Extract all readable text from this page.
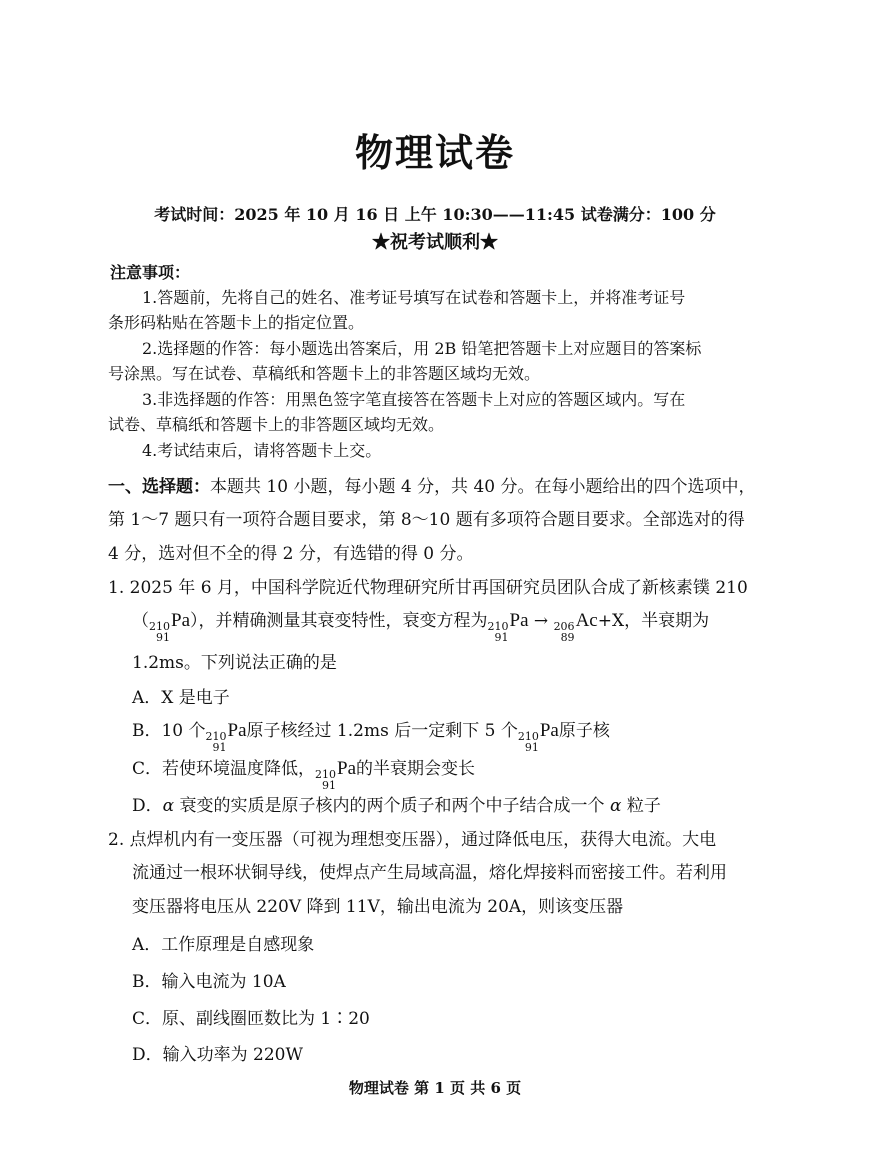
物理试卷
考试时间：2025 年 10 月 16 日 上午 10:30——11:45 试卷满分：100 分
★祝考试顺利★
注意事项：
1.答题前，先将自己的姓名、准考证号填写在试卷和答题卡上，并将准考证号
条形码粘贴在答题卡上的指定位置。
2.选择题的作答：每小题选出答案后，用 2B 铅笔把答题卡上对应题目的答案标
号涂黑。写在试卷、草稿纸和答题卡上的非答题区域均无效。
3.非选择题的作答：用黑色签字笔直接答在答题卡上对应的答题区域内。写在
试卷、草稿纸和答题卡上的非答题区域均无效。
4.考试结束后，请将答题卡上交。
一、选择题：本题共 10 小题，每小题 4 分，共 40 分。在每小题给出的四个选项中，
第 1～7 题只有一项符合题目要求，第 8～10 题有多项符合题目要求。全部选对的得
4 分，选对但不全的得 2 分，有选错的得 0 分。
1. 2025 年 6 月，中国科学院近代物理研究所甘再国研究员团队合成了新核素镤 210
（ 210
91
Pa），并精确测量其衰变特性，衰变方程为 210
91
Pa → 206
89
Ac+X，半衰期为
1.2ms。下列说法正确的是
A．X 是电子
B．10 个 210
91
Pa原子核经过 1.2ms 后一定剩下 5 个 210
91
Pa原子核
C．若使环境温度降低， 210
91
Pa的半衰期会变长
D．α 衰变的实质是原子核内的两个质子和两个中子结合成一个 α 粒子
2. 点焊机内有一变压器（可视为理想变压器），通过降低电压，获得大电流。大电
流通过一根环状铜导线，使焊点产生局域高温，熔化焊接料而密接工件。若利用
变压器将电压从 220V 降到 11V，输出电流为 20A，则该变压器
A．工作原理是自感现象
B．输入电流为 10A
C．原、副线圈匝数比为 1∶20
D．输入功率为 220W
物理试卷 第 1 页 共 6 页
